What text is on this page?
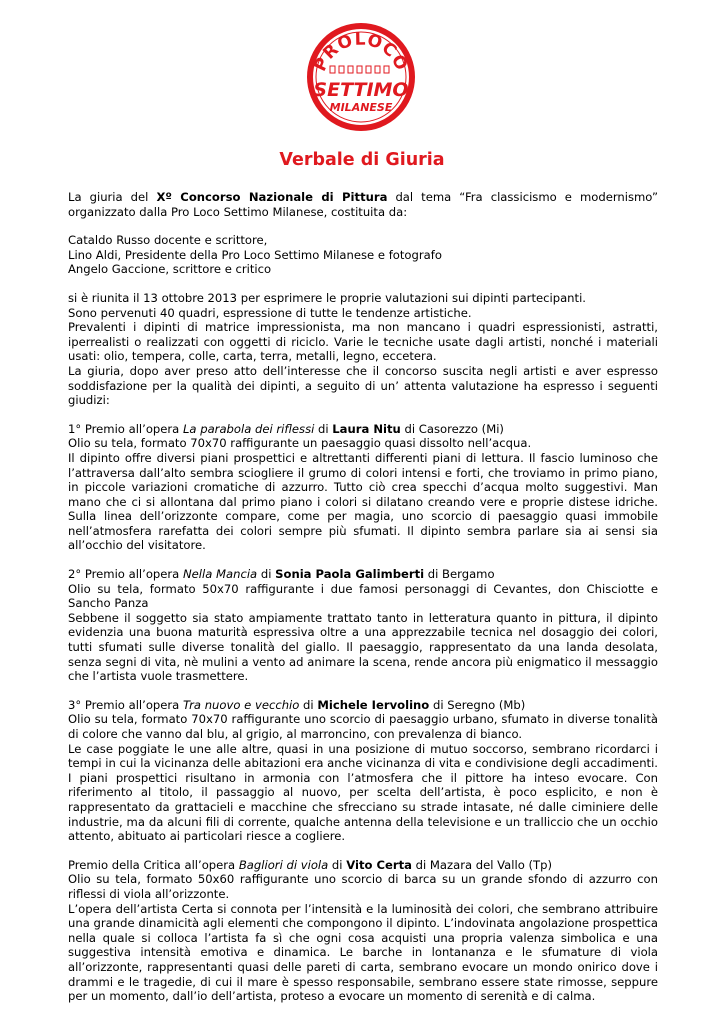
PROLOCO
SETTIMO
MILANESE
Verbale di Giuria

La giuria del Xº Concorso Nazionale di Pittura dal tema “Fra classicismo e modernismo” organizzato dalla Pro Loco Settimo Milanese, costituita da:

Cataldo Russo docente e scrittore,

Lino Aldi, Presidente della Pro Loco Settimo Milanese e fotografo

Angelo Gaccione, scrittore e critico

si è riunita il 13 ottobre 2013 per esprimere le proprie valutazioni sui dipinti partecipanti.

Sono pervenuti 40 quadri, espressione di tutte le tendenze artistiche.

Prevalenti i dipinti di matrice impressionista, ma non mancano i quadri espressionisti, astratti, iperrealisti o realizzati con oggetti di riciclo. Varie le tecniche usate dagli artisti, nonché i materiali usati: olio, tempera, colle, carta, terra, metalli, legno, eccetera.

La giuria, dopo aver preso atto dell’interesse che il concorso suscita negli artisti e aver espresso soddisfazione per la qualità dei dipinti, a seguito di un’ attenta valutazione ha espresso i seguenti giudizi:

1° Premio all’opera La parabola dei riflessi di Laura Nitu di Casorezzo (Mi)

Olio su tela, formato 70x70 raffigurante un paesaggio quasi dissolto nell’acqua.

Il dipinto offre diversi piani prospettici e altrettanti differenti piani di lettura. Il fascio luminoso che l’attraversa dall’alto sembra sciogliere il grumo di colori intensi e forti, che troviamo in primo piano, in piccole variazioni cromatiche di azzurro. Tutto ciò crea specchi d’acqua molto suggestivi. Man mano che ci si allontana dal primo piano i colori si dilatano creando vere e proprie distese idriche. Sulla linea dell’orizzonte compare, come per magia, uno scorcio di paesaggio quasi immobile nell’atmosfera rarefatta dei colori sempre più sfumati. Il dipinto sembra parlare sia ai sensi sia all’occhio del visitatore.

2° Premio all’opera Nella Mancia di Sonia Paola Galimberti di Bergamo

Olio su tela, formato 50x70 raffigurante i due famosi personaggi di Cevantes, don Chisciotte e Sancho Panza

Sebbene il soggetto sia stato ampiamente trattato tanto in letteratura quanto in pittura, il dipinto evidenzia una buona maturità espressiva oltre a una apprezzabile tecnica nel dosaggio dei colori, tutti sfumati sulle diverse tonalità del giallo. Il paesaggio, rappresentato da una landa desolata, senza segni di vita, nè mulini a vento ad animare la scena, rende ancora più enigmatico il messaggio che l’artista vuole trasmettere.

3° Premio all’opera Tra nuovo e vecchio di Michele Iervolino di Seregno (Mb)

Olio su tela, formato 70x70 raffigurante uno scorcio di paesaggio urbano, sfumato in diverse tonalità di colore che vanno dal blu, al grigio, al marroncino, con prevalenza di bianco.

Le case poggiate le une alle altre, quasi in una posizione di mutuo soccorso, sembrano ricordarci i tempi in cui la vicinanza delle abitazioni era anche vicinanza di vita e condivisione degli accadimenti. I piani prospettici risultano in armonia con l’atmosfera che il pittore ha inteso evocare. Con riferimento al titolo, il passaggio al nuovo, per scelta dell’artista, è poco esplicito, e non è rappresentato da grattacieli e macchine che sfrecciano su strade intasate, né dalle ciminiere delle industrie, ma da alcuni fili di corrente, qualche antenna della televisione e un tralliccio che un occhio attento, abituato ai particolari riesce a cogliere.

Premio della Critica all’opera Bagliori di viola di Vito Certa di Mazara del Vallo (Tp)

Olio su tela, formato 50x60 raffigurante uno scorcio di barca su un grande sfondo di azzurro con riflessi di viola all’orizzonte.

L’opera dell’artista Certa si connota per l’intensità e la luminosità dei colori, che sembrano attribuire una grande dinamicità agli elementi che compongono il dipinto. L’indovinata angolazione prospettica nella quale si colloca l’artista fa sì che ogni cosa acquisti una propria valenza simbolica e una suggestiva intensità emotiva e dinamica. Le barche in lontananza e le sfumature di viola all’orizzonte, rappresentanti quasi delle pareti di carta, sembrano evocare un mondo onirico dove i drammi e le tragedie, di cui il mare è spesso responsabile, sembrano essere state rimosse, seppure per un momento, dall’io dell’artista, proteso a evocare un momento di serenità e di calma.
